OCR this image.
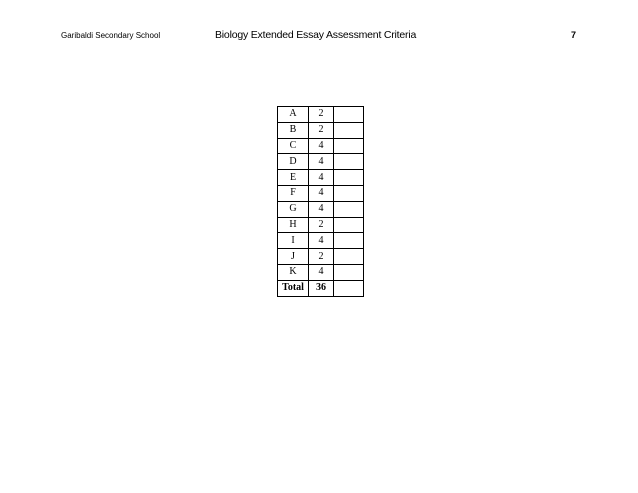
Garibaldi Secondary School	Biology Extended Essay Assessment Criteria	7
A	2	
B	2	
C	4	
D	4	
E	4	
F	4	
G	4	
H	2	
I	4	
J	2	
K	4	
Total	36	
